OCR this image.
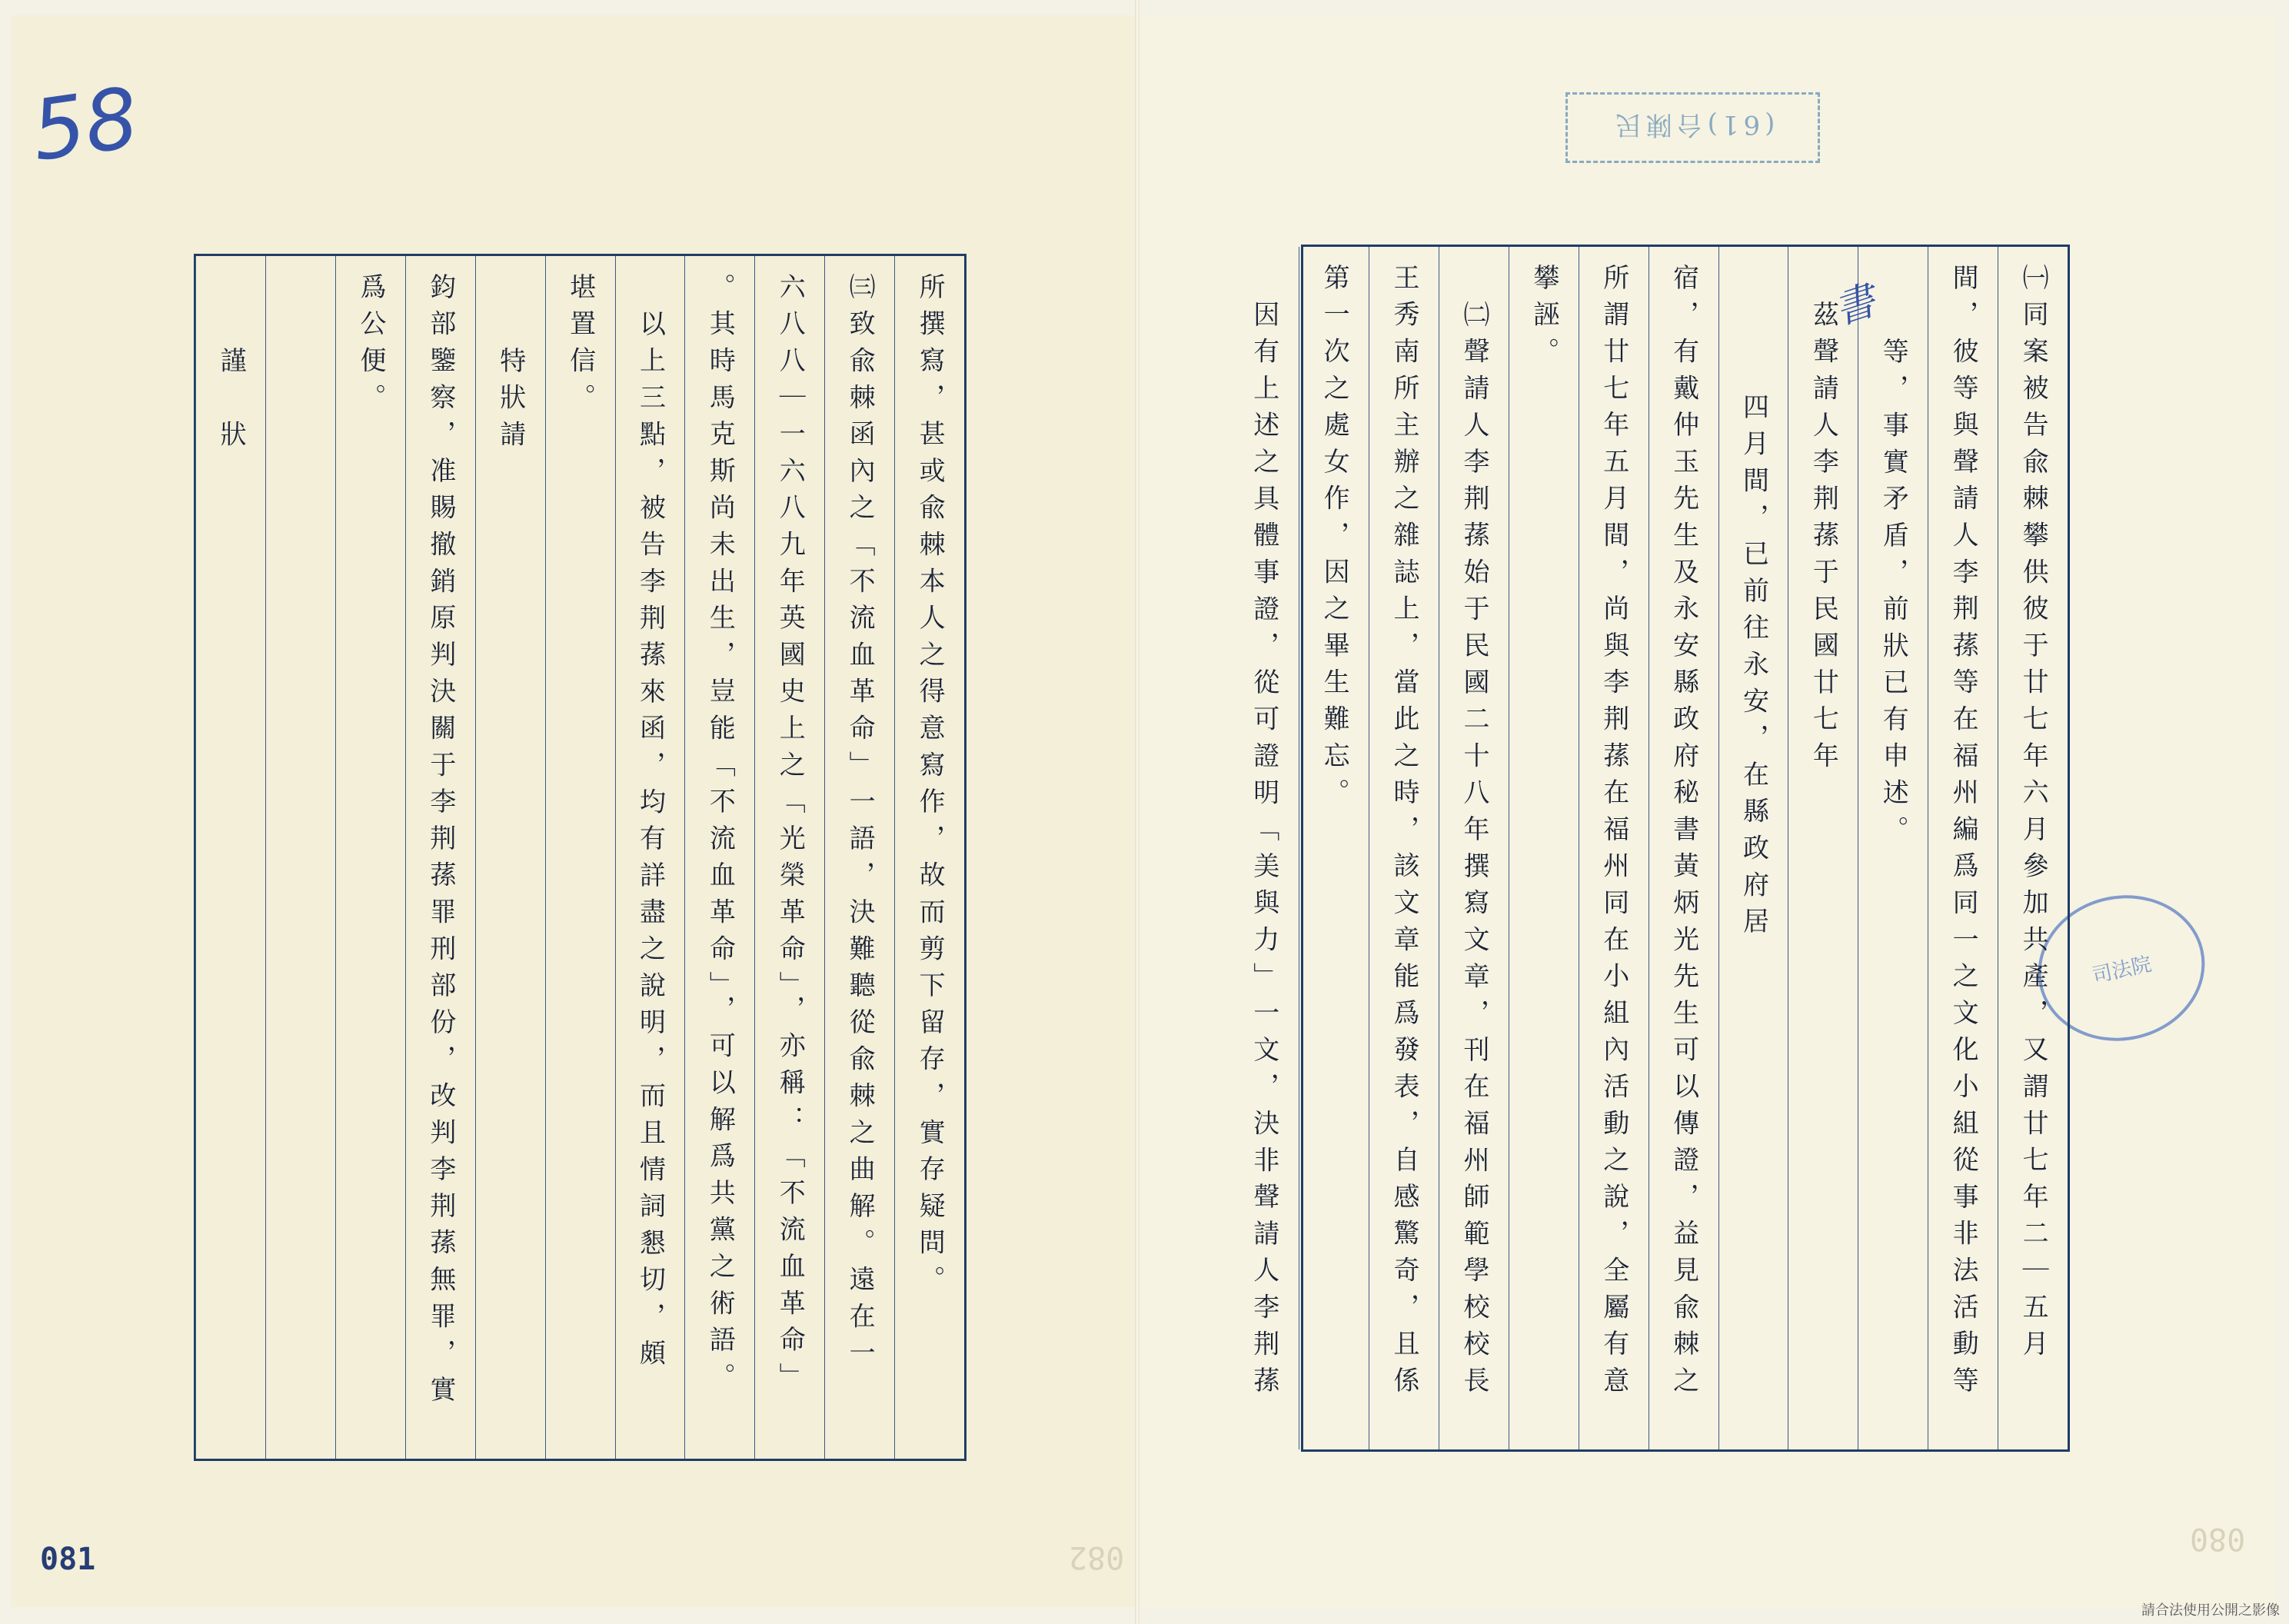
58	(61)台陳民
司法院
㈠同案被告兪棘攀供彼于廿七年六月參加共產，又謂廿七年二｜五月
間，彼等與聲請人李荆蓀等在福州編爲同一之文化小組從事非法活動等
等，事實矛盾，前狀已有申述。
茲聲請人李荆蓀于民國廿七年
四月間，已前往永安，在縣政府居
宿，有戴仲玉先生及永安縣政府秘書黃炳光先生可以傳證，益見兪棘之
所謂廿七年五月間，尚與李荆蓀在福州同在小組內活動之說，全屬有意
攀誣。
㈡聲請人李荆蓀始于民國二十八年撰寫文章，刊在福州師範學校校長
王秀南所主辦之雜誌上，當此之時，該文章能爲發表，自感驚奇，且係
第一次之處女作，因之畢生難忘。
因有上述之具體事證，從可證明「美與力」一文，決非聲請人李荆蓀	書
所撰寫，甚或兪棘本人之得意寫作，故而剪下留存，實存疑問。
㈢致兪棘函內之「不流血革命」一語，決難聽從兪棘之曲解。遠在一
六八八｜一六八九年英國史上之「光榮革命」，亦稱：「不流血革命」
。其時馬克斯尚未出生，豈能「不流血革命」，可以解爲共黨之術語。
以上三點，被告李荆蓀來函，均有詳盡之說明，而且情詞懇切，頗
堪置信。
特狀請
鈞部鑒察，准賜撤銷原判決關于李荆蓀罪刑部份，改判李荆蓀無罪，實
爲公便。
謹　狀
081	082
080
請合法使用公開之影像
